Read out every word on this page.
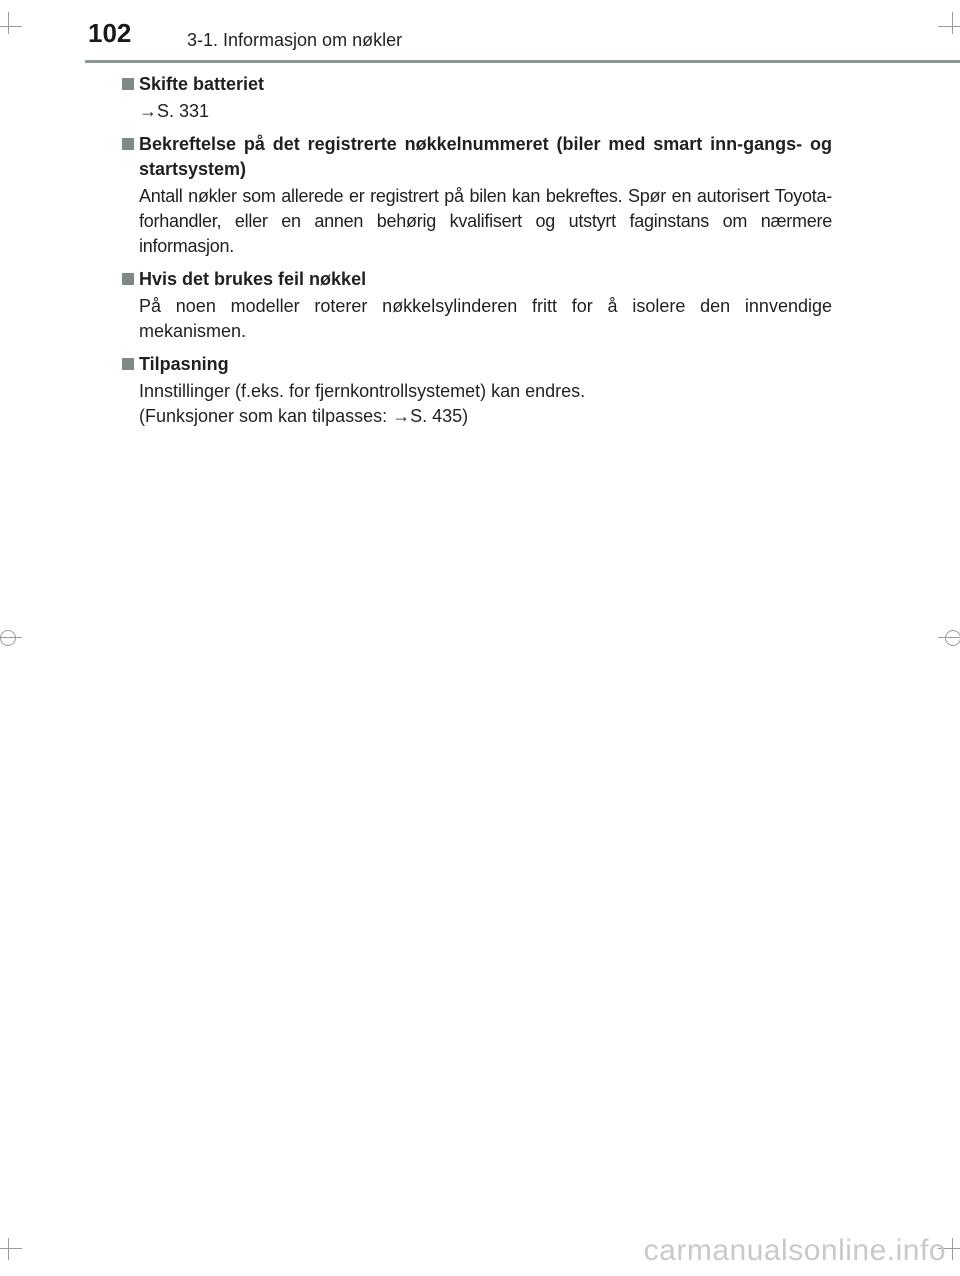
102	3-1. Informasjon om nøkler
Skifte batteriet
→S. 331
Bekreftelse på det registrerte nøkkelnummeret (biler med smart inn-gangs- og startsystem)
Antall nøkler som allerede er registrert på bilen kan bekreftes. Spør en autorisert Toyota-forhandler, eller en annen behørig kvalifisert og utstyrt faginstans om nærmere informasjon.
Hvis det brukes feil nøkkel
På noen modeller roterer nøkkelsylinderen fritt for å isolere den innvendige mekanismen.
Tilpasning
Innstillinger (f.eks. for fjernkontrollsystemet) kan endres.
(Funksjoner som kan tilpasses: →S. 435)
carmanualsonline.info
